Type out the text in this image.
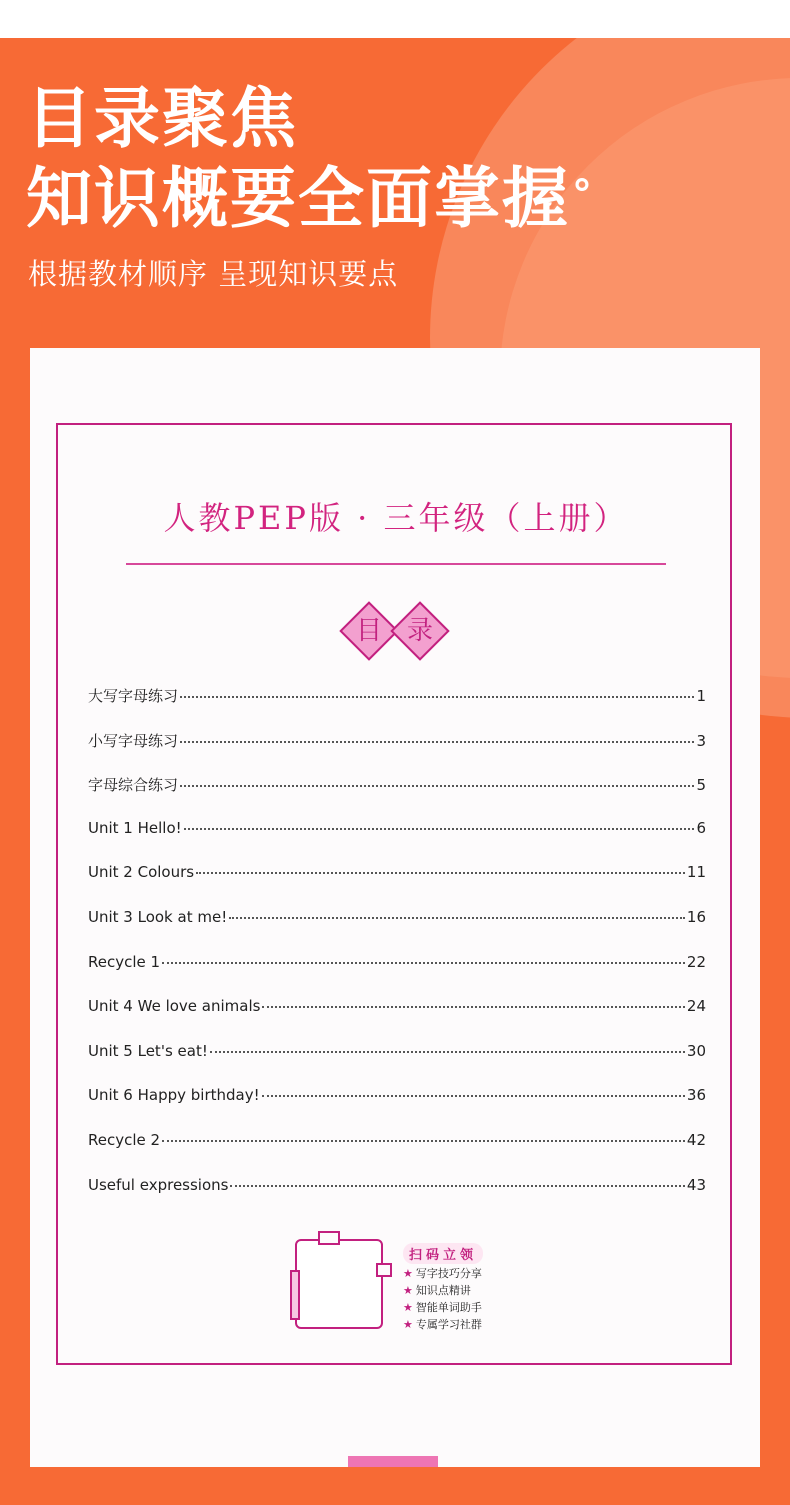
目录聚焦
知识概要全面掌握°
根据教材顺序 呈现知识要点
人教PEP版 · 三年级（上册）
目 录
大写字母练习	1
小写字母练习	3
字母综合练习	5
Unit 1 Hello!	6
Unit 2 Colours	11
Unit 3 Look at me!	16
Recycle 1	22
Unit 4 We love animals	24
Unit 5 Let's eat!	30
Unit 6 Happy birthday!	36
Recycle 2	42
Useful expressions	43
扫码立领
★ 写字技巧分享
★ 知识点精讲
★ 智能单词助手
★ 专属学习社群
